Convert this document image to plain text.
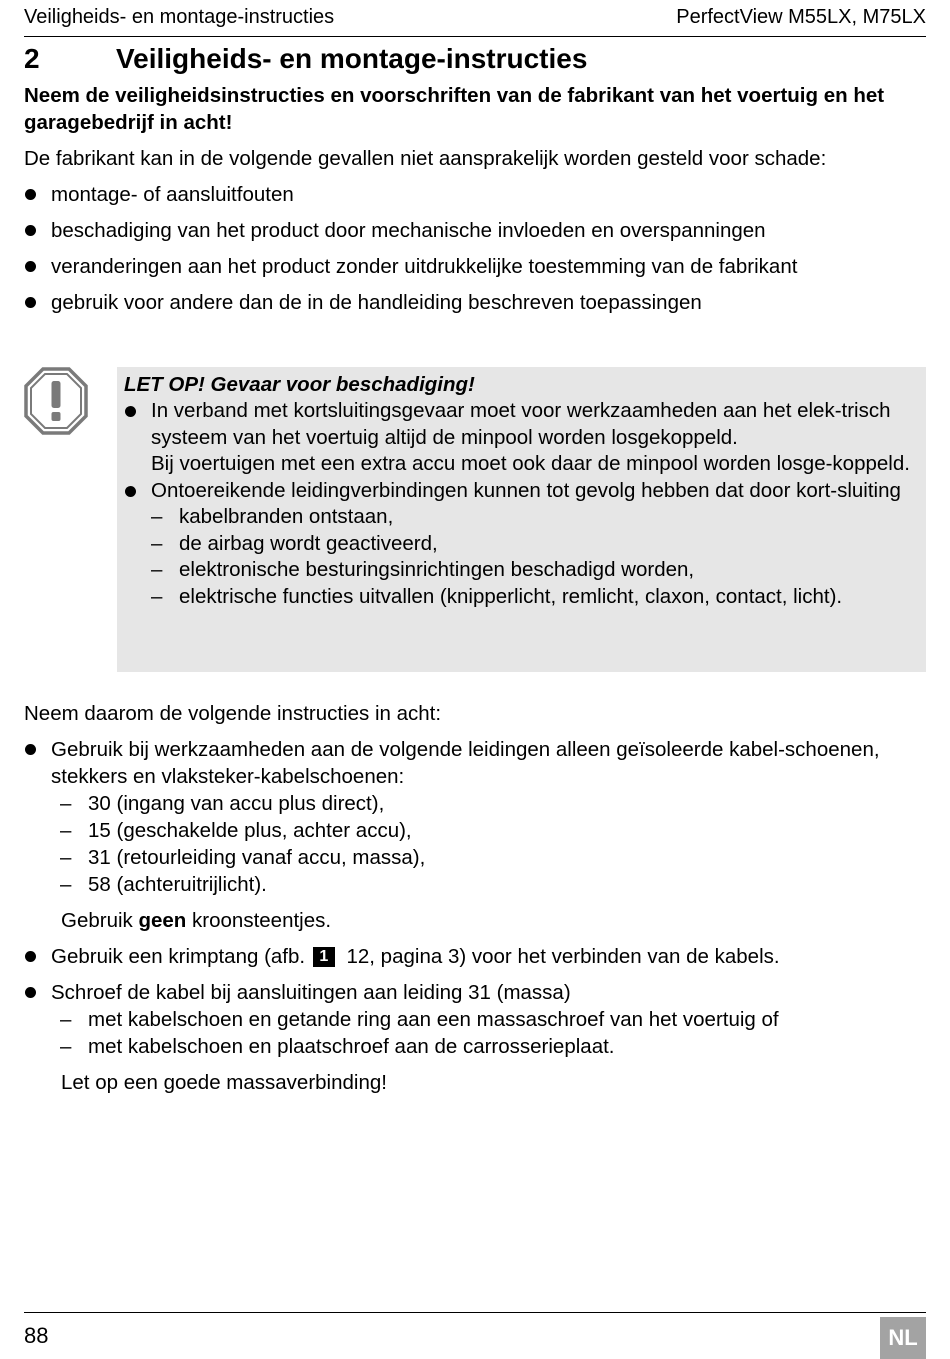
Veiligheids- en montage-instructies	PerfectView M55LX, M75LX
2	Veiligheids- en montage-instructies

Neem de veiligheidsinstructies en voorschriften van de fabrikant van het voertuig en het garagebedrijf in acht!

De fabrikant kan in de volgende gevallen niet aansprakelijk worden gesteld voor schade:

montage- of aansluitfouten
beschadiging van het product door mechanische invloeden en overspanningen
veranderingen aan het product zonder uitdrukkelijke toestemming van de fabrikant
gebruik voor andere dan de in de handleiding beschreven toepassingen
LET OP! Gevaar voor beschadiging!
In verband met kortsluitingsgevaar moet voor werkzaamheden aan het elek-trisch systeem van het voertuig altijd de minpool worden losgekoppeld.
Bij voertuigen met een extra accu moet ook daar de minpool worden losge-koppeld.
Ontoereikende leidingverbindingen kunnen tot gevolg hebben dat door kort-sluiting
– kabelbranden ontstaan,
– de airbag wordt geactiveerd,
– elektronische besturingsinrichtingen beschadigd worden,
– elektrische functies uitvallen (knipperlicht, remlicht, claxon, contact, licht).

Neem daarom de volgende instructies in acht:

Gebruik bij werkzaamheden aan de volgende leidingen alleen geïsoleerde kabel-schoenen, stekkers en vlaksteker-kabelschoenen:
– 30 (ingang van accu plus direct),
– 15 (geschakelde plus, achter accu),
– 31 (retourleiding vanaf accu, massa),
– 58 (achteruitrijlicht).
Gebruik geen kroonsteentjes.
Gebruik een krimptang (afb. 1 12, pagina 3) voor het verbinden van de kabels.
Schroef de kabel bij aansluitingen aan leiding 31 (massa)
– met kabelschoen en getande ring aan een massaschroef van het voertuig of
– met kabelschoen en plaatschroef aan de carrosserieplaat.
Let op een goede massaverbinding!
88	NL
